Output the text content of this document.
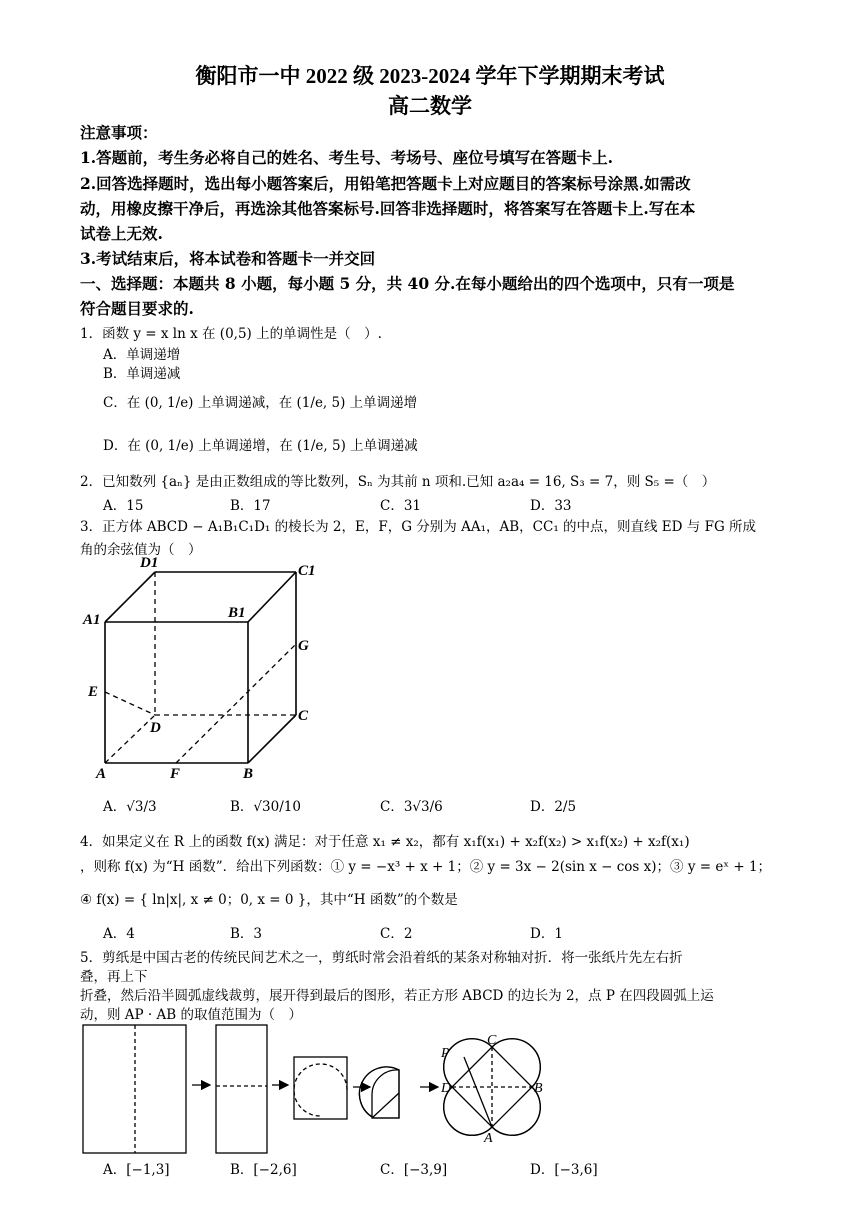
衡阳市一中 2022 级 2023-2024 学年下学期期末考试
高二数学
注意事项：
1.答题前，考生务必将自己的姓名、考生号、考场号、座位号填写在答题卡上.
2.回答选择题时，选出每小题答案后，用铅笔把答题卡上对应题目的答案标号涂黑.如需改
动，用橡皮擦干净后，再选涂其他答案标号.回答非选择题时，将答案写在答题卡上.写在本
试卷上无效.
3.考试结束后，将本试卷和答题卡一并交回
一、选择题：本题共 8 小题，每小题 5 分，共 40 分.在每小题给出的四个选项中，只有一项是
符合题目要求的.
1．函数 y = x ln x 在 (0,5) 上的单调性是（　）.
A．单调递增
B．单调递减
C．在 (0, 1/e) 上单调递减，在 (1/e, 5) 上单调递增
D．在 (0, 1/e) 上单调递增，在 (1/e, 5) 上单调递减
2．已知数列 {aₙ} 是由正数组成的等比数列，Sₙ 为其前 n 项和.已知 a₂a₄ = 16, S₃ = 7，则 S₅ =（　）
A．15	B．17	C．31	D．33
3．正方体 ABCD − A₁B₁C₁D₁ 的棱长为 2，E，F，G 分别为 AA₁，AB，CC₁ 的中点，则直线 ED 与 FG 所成
角的余弦值为（　）
D1	C1
A1	B1
G
E
D
C
A	F	B
A．√3/3	B．√30/10	C．3√3/6	D．2/5
4．如果定义在 R 上的函数 f(x) 满足：对于任意 x₁ ≠ x₂，都有 x₁f(x₁) + x₂f(x₂) > x₁f(x₂) + x₂f(x₁)
，则称 f(x) 为“H 函数”．给出下列函数：① y = −x³ + x + 1；② y = 3x − 2(sin x − cos x)；③ y = eˣ + 1；
④ f(x) = { ln|x|, x ≠ 0；0, x = 0 }，其中“H 函数”的个数是
A．4	B．3	C．2	D．1
5．剪纸是中国古老的传统民间艺术之一，剪纸时常会沿着纸的某条对称轴对折．将一张纸片先左右折
叠，再上下
折叠，然后沿半圆弧虚线裁剪，展开得到最后的图形，若正方形 ABCD 的边长为 2，点 P 在四段圆弧上运
动，则 AP · AB 的取值范围为（　）
P
C
D	B
A
A．[−1,3]	B．[−2,6]	C．[−3,9]	D．[−3,6]
